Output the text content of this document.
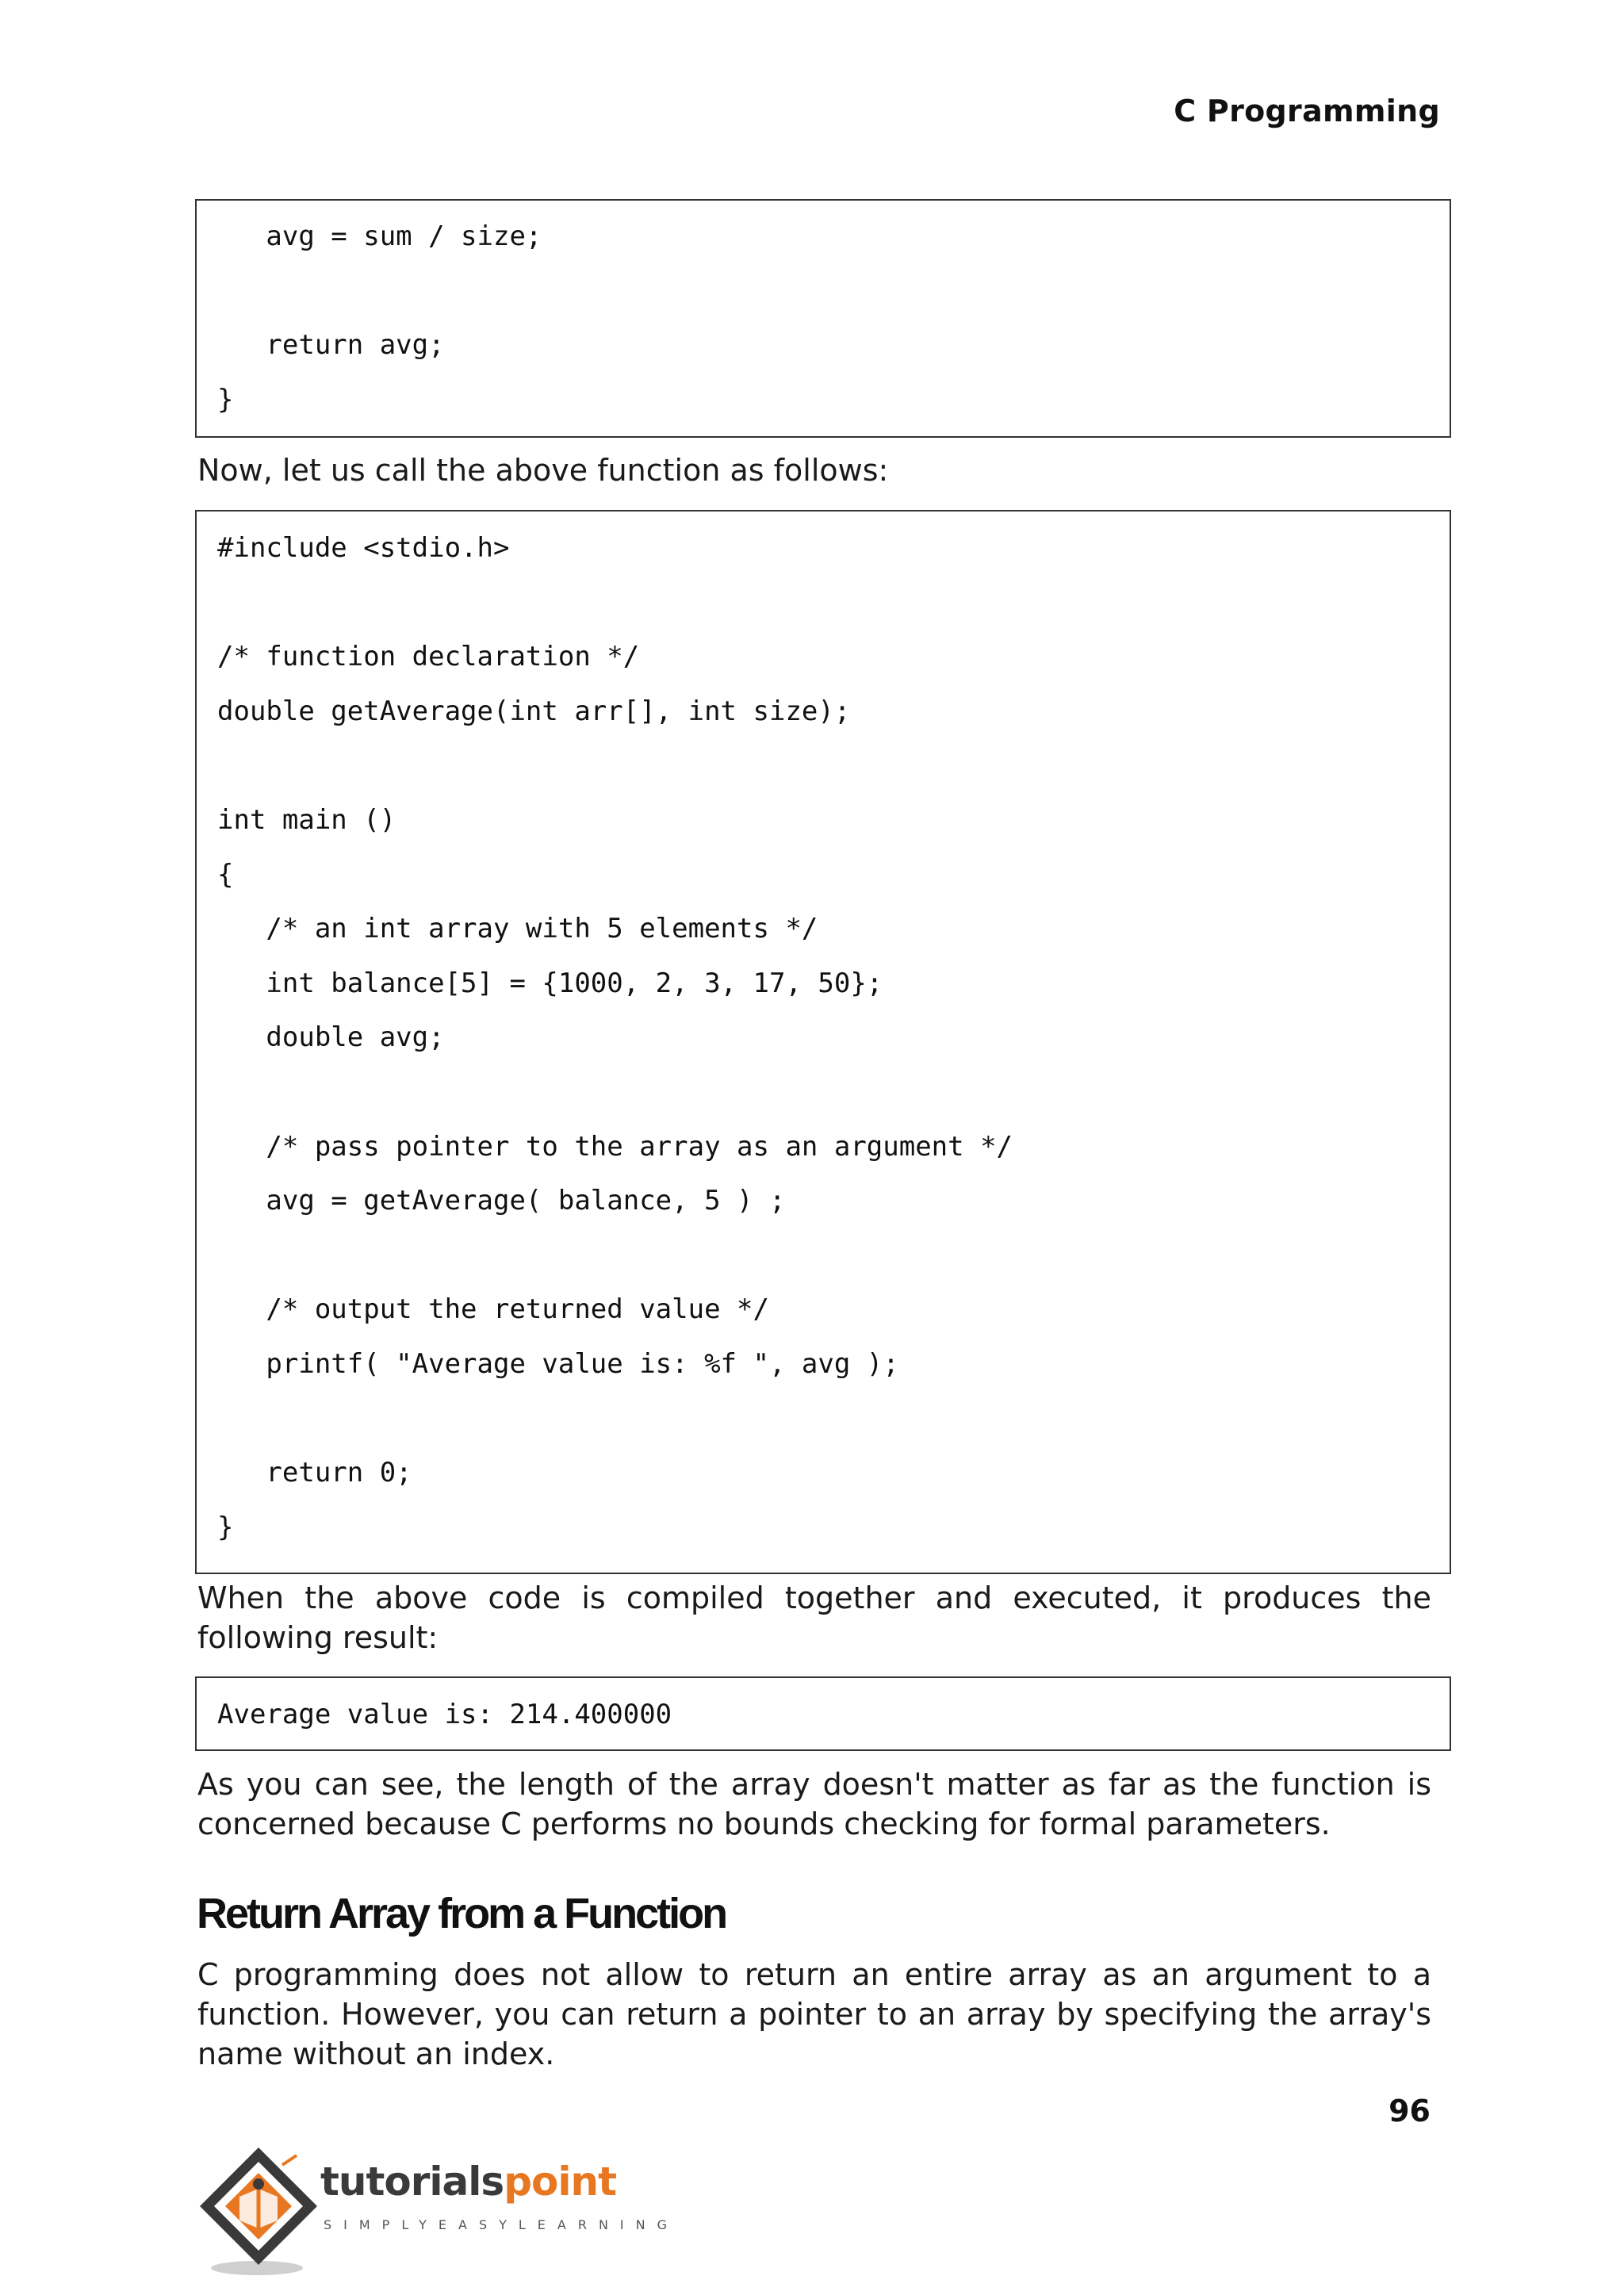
C Programming
avg = sum / size;
return avg;
}
Now, let us call the above function as follows:
#include <stdio.h>
/* function declaration */
double getAverage(int arr[], int size);
int main ()
{
/* an int array with 5 elements */
int balance[5] = {1000, 2, 3, 17, 50};
double avg;
/* pass pointer to the array as an argument */
avg = getAverage( balance, 5 ) ;
/* output the returned value */
printf( "Average value is: %f ", avg );
return 0;
}
When the above code is compiled together and executed, it produces the following result:
Average value is: 214.400000
As you can see, the length of the array doesn't matter as far as the function is concerned because C performs no bounds checking for formal parameters.
Return Array from a Function
C programming does not allow to return an entire array as an argument to a function. However, you can return a pointer to an array by specifying the array's name without an index.
96
tutorialspoint
SIMPLYEASYLEARNING
